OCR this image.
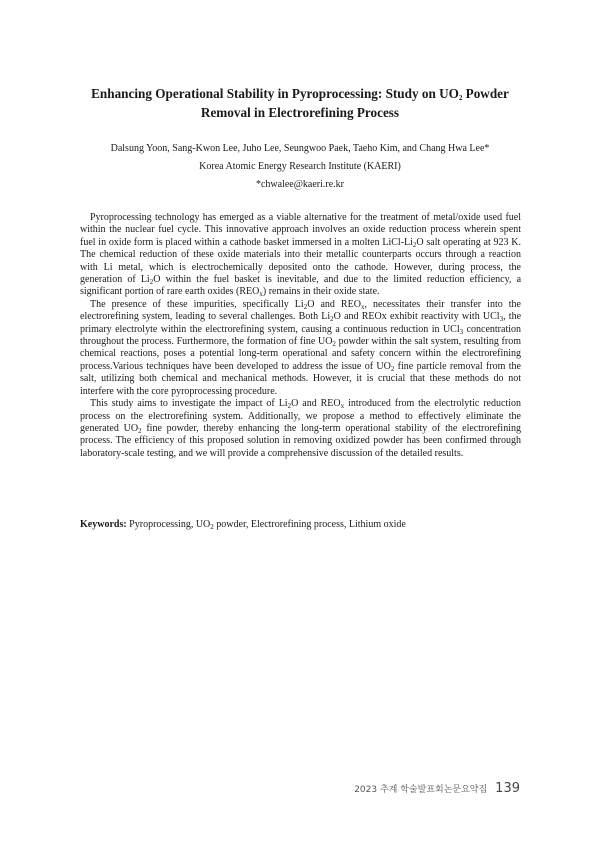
Enhancing Operational Stability in Pyroprocessing: Study on $UO_2$ Powder
Removal in Electrorefining Process
Dalsung Yoon, Sang-Kwon Lee, Juho Lee, Seungwoo Paek, Taeho Kim, and Chang Hwa Lee*
Korea Atomic Energy Research Institute (KAERI)
*chwalee@kaeri.re.kr

Pyroprocessing technology has emerged as a viable alternative for the treatment of metal/oxide used fuel within the nuclear fuel cycle. This innovative approach involves an oxide reduction process wherein spent fuel in oxide form is placed within a cathode basket immersed in a molten LiCl-$Li_2O$ salt operating at 923 K. The chemical reduction of these oxide materials into their metallic counterparts occurs through a reaction with Li metal, which is electrochemically deposited onto the cathode. However, during process, the generation of $Li_2O$ within the fuel basket is inevitable, and due to the limited reduction efficiency, a significant portion of rare earth oxides $(REO_x)$ remains in their oxide state.

The presence of these impurities, specifically $Li_2O$ and $REO_x$, necessitates their transfer into the electrorefining system, leading to several challenges. Both $Li_2O$ and REOx exhibit reactivity with UCl$_3$, the primary electrolyte within the electrorefining system, causing a continuous reduction in UCl$_3$ concentration throughout the process. Furthermore, the formation of fine $UO_2$ powder within the salt system, resulting from chemical reactions, poses a potential long-term operational and safety concern within the electrorefining process.Various techniques have been developed to address the issue of $UO_2$ fine particle removal from the salt, utilizing both chemical and mechanical methods. However, it is crucial that these methods do not interfere with the core pyroprocessing procedure.

This study aims to investigate the impact of $Li_2O$ and $REO_x$ introduced from the electrolytic reduction process on the electrorefining system. Additionally, we propose a method to effectively eliminate the generated $UO_2$ fine powder, thereby enhancing the long-term operational stability of the electrorefining process. The efficiency of this proposed solution in removing oxidized powder has been confirmed through laboratory-scale testing, and we will provide a comprehensive discussion of the detailed results.

Keywords: Pyroprocessing, $UO_2$ powder, Electrorefining process, Lithium oxide
2023 추계 학술발표회논문요약집 139
